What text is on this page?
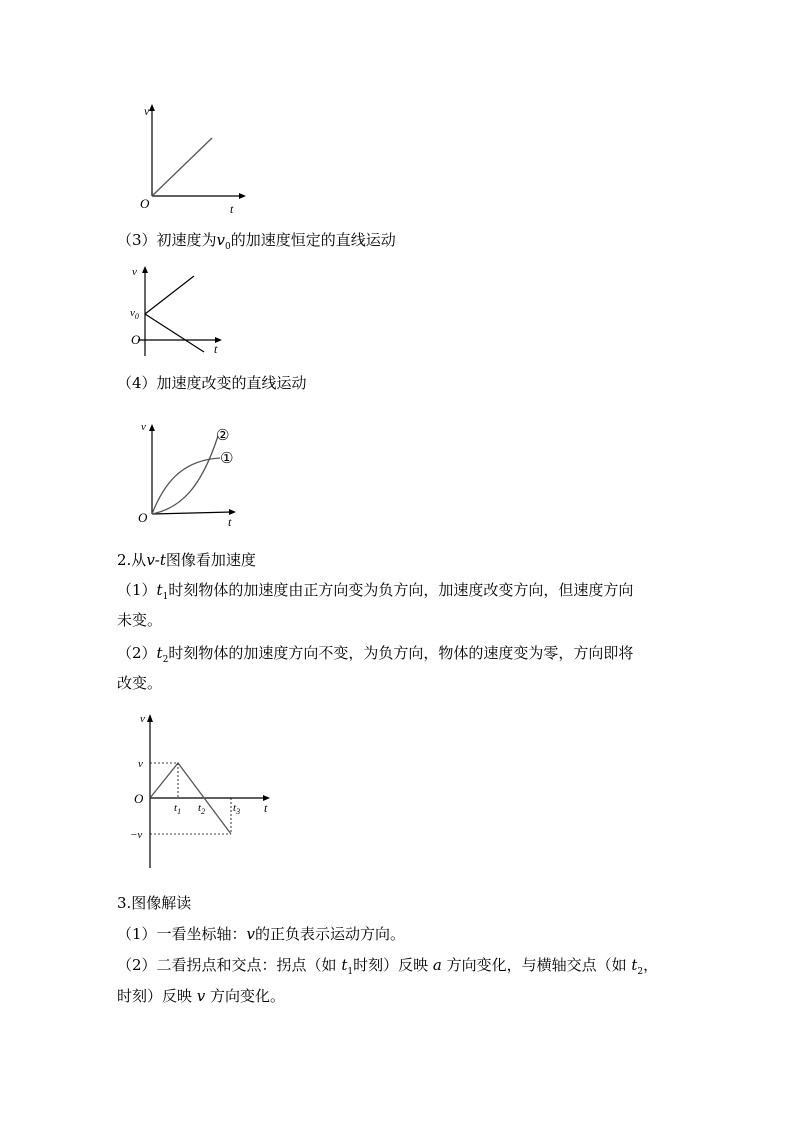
v
t
O
（3）初速度为$v_0$的加速度恒定的直线运动
v
t
O
$v_0$
（4）加速度改变的直线运动
v
t
O
②
①
2.从v-t图像看加速度
$(1)t_1$时刻物体的加速度由正方向变为负方向，加速度改变方向，但速度方向
未变。
$(2)t_2$时刻物体的加速度方向不变，为负方向，物体的速度变为零，方向即将
改变。
v
t
O
v
−v
$t_1$ $t_2$	$t_3$
3.图像解读
（1）一看坐标轴：v的正负表示运动方向。
（2）二看拐点和交点：拐点（如 $t_1$时刻）反映 a 方向变化，与横轴交点（如 $t_2$，
时刻）反映 v 方向变化。
